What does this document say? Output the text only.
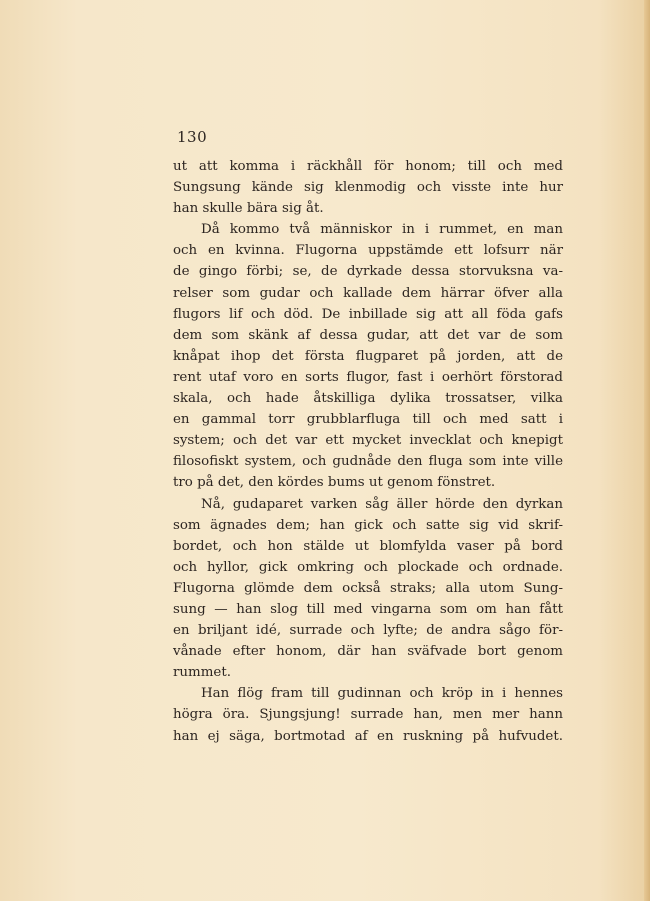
130
ut att komma i räckhåll för honom; till och med
Sungsung kände sig klenmodig och visste inte hur
han skulle bära sig åt.
Då kommo två människor in i rummet, en man
och en kvinna. Flugorna uppstämde ett lofsurr när
de gingo förbi; se, de dyrkade dessa storvuksna va-
relser som gudar och kallade dem härrar öfver alla
flugors lif och död. De inbillade sig att all föda gafs
dem som skänk af dessa gudar, att det var de som
knåpat ihop det första flugparet på jorden, att de
rent utaf voro en sorts flugor, fast i oerhört förstorad
skala, och hade åtskilliga dylika trossatser, vilka
en gammal torr grubblarfluga till och med satt i
system; och det var ett mycket invecklat och knepigt
filosofiskt system, och gudnåde den fluga som inte ville
tro på det, den kördes bums ut genom fönstret.
Nå, gudaparet varken såg äller hörde den dyrkan
som ägnades dem; han gick och satte sig vid skrif-
bordet, och hon stälde ut blomfylda vaser på bord
och hyllor, gick omkring och plockade och ordnade.
Flugorna glömde dem också straks; alla utom Sung-
sung — han slog till med vingarna som om han fått
en briljant idé, surrade och lyfte; de andra sågo för-
vånade efter honom, där han sväfvade bort genom
rummet.
Han flög fram till gudinnan och kröp in i hennes
högra öra. Sjungsjung! surrade han, men mer hann
han ej säga, bortmotad af en ruskning på hufvudet.
